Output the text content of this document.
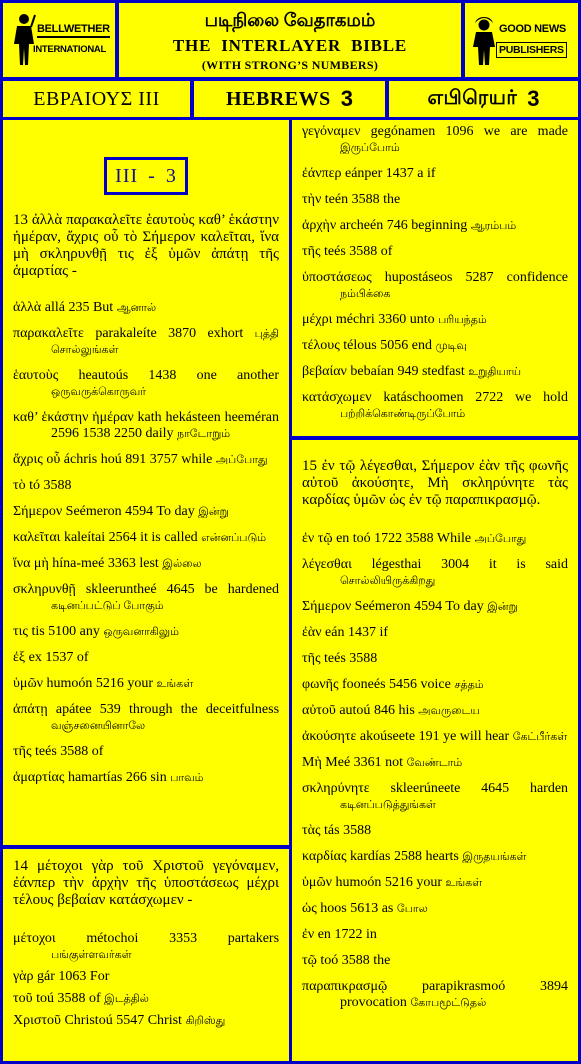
BELLWETHER
INTERNATIONAL
படிநிலை வேதாகமம்
THE INTERLAYER BIBLE
(WITH STRONG’S NUMBERS)
GOOD NEWS
PUBLISHERS
ΕΒΡΑΙΟΥΣ III	HEBREWS 3	எபிரெயர் 3
III - 3

13 ἀλλὰ παρακαλεῖτε ἑαυτοὺς καθ’ ἑκάστην ἡμέραν, ἄχρις οὗ τὸ Σήμερον καλεῖται, ἵνα μὴ σκληρυνθῇ τις ἐξ ὑμῶν ἀπάτῃ τῆς ἁμαρτίας -

ἀλλὰ allá 235 But ஆனால்
παρακαλεῖτε parakaleíte 3870 exhort புத்தி சொல்லுங்கள்
ἑαυτοὺς heautoús 1438 one another ஒருவருக்கொருவர்
καθ’ ἑκάστην ἡμέραν kath hekásteen heeméran 2596 1538 2250 daily நாடோறும்
ἄχρις οὗ áchris hoú 891 3757 while அப்போது
τὸ tó 3588
Σήμερον Seémeron 4594 To day இன்று
καλεῖται kaleítai 2564 it is called என்னப்படும்
ἵνα μὴ hína-meé 3363 lest இல்லை
σκληρυνθῇ skleeruntheé 4645 be hardened கடினப்பட்டுப் போகும்
τις tis 5100 any ஒருவனாகிலும்
ἐξ ex 1537 of
ὑμῶν humoón 5216 your உங்கள்
ἀπάτῃ apátee 539 through the deceitfulness வஞ்சனையினாலே
τῆς teés 3588 of
ἁμαρτίας hamartías 266 sin பாவம்

14 μέτοχοι γὰρ τοῦ Χριστοῦ γεγόναμεν, ἐάνπερ τὴν ἀρχὴν τῆς ὑποστάσεως μέχρι τέλους βεβαίαν κατάσχωμεν -

μέτοχοι métochoi 3353 partakers பங்குள்ளவர்கள்
γὰρ gár 1063 For
τοῦ toú 3588 of இடத்தில்
Χριστοῦ Christoú 5547 Christ கிறிஸ்து
γεγόναμεν gegónamen 1096 we are made இருப்போம்
ἐάνπερ eánper 1437 a if
τὴν teén 3588 the
ἀρχὴν archeén 746 beginning ஆரம்பம்
τῆς teés 3588 of
ὑποστάσεως hupostáseos 5287 confidence நம்பிக்கை
μέχρι méchri 3360 unto பரியந்தம்
τέλους télous 5056 end முடிவு
βεβαίαν bebaían 949 stedfast உறுதியாய்
κατάσχωμεν katáschoomen 2722 we hold பற்றிக்கொண்டிருப்போம்

15 ἐν τῷ λέγεσθαι, Σήμερον ἐὰν τῆς φωνῆς αὐτοῦ ἀκούσητε, Μὴ σκληρύνητε τὰς καρδίας ὑμῶν ὡς ἐν τῷ παραπικρασμῷ.

ἐν τῷ en toó 1722 3588 While அப்போது
λέγεσθαι légesthai 3004 it is said சொல்லியிருக்கிறது
Σήμερον Seémeron 4594 To day இன்று
ἐὰν eán 1437 if
τῆς teés 3588
φωνῆς fooneés 5456 voice சத்தம்
αὐτοῦ autoú 846 his அவருடைய
ἀκούσητε akoúseete 191 ye will hear கேட்பீர்கள்
Μὴ Meé 3361 not வேண்டாம்
σκληρύνητε skleerúneete 4645 harden கடினப்படுத்துங்கள்
τὰς tás 3588
καρδίας kardías 2588 hearts இருதயங்கள்
ὑμῶν humoón 5216 your உங்கள்
ὡς hoos 5613 as போல
ἐν en 1722 in
τῷ toó 3588 the
παραπικρασμῷ parapikrasmoó 3894 provocation கோபமூட்டுதல்
